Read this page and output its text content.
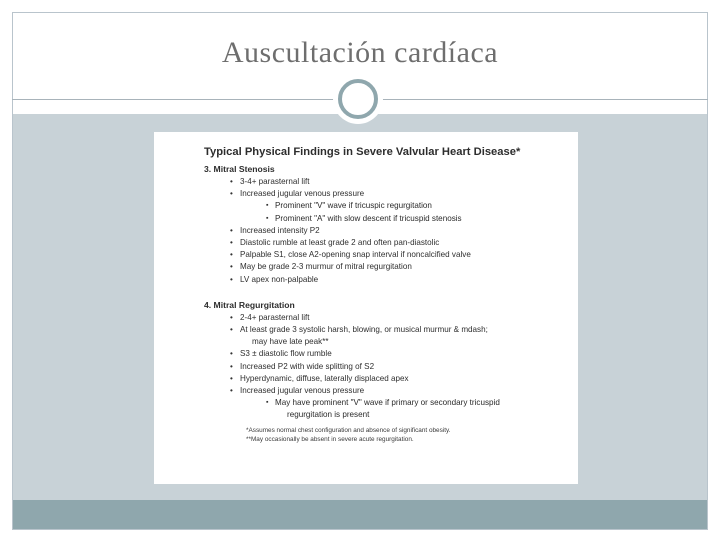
Auscultación cardíaca
Typical Physical Findings in Severe Valvular Heart Disease*
3. Mitral Stenosis
• 3-4+ parasternal lift
• Increased jugular venous pressure
▪ Prominent "V" wave if tricuspic regurgitation
▪ Prominent "A" with slow descent if tricuspid stenosis
• Increased intensity P2
• Diastolic rumble at least grade 2 and often pan-diastolic
• Palpable S1, close A2-opening snap interval if noncalcified valve
• May be grade 2-3 murmur of mitral regurgitation
• LV apex non-palpable
4. Mitral Regurgitation
• 2-4+ parasternal lift
• At least grade 3 systolic harsh, blowing, or musical murmur & mdash;
may have late peak**
• S3 ± diastolic flow rumble
• Increased P2 with wide splitting of S2
• Hyperdynamic, diffuse, laterally displaced apex
• Increased jugular venous pressure
▪ May have prominent "V" wave if primary or secondary tricuspid
regurgitation is present
*Assumes normal chest configuration and absence of significant obesity.
**May occasionally be absent in severe acute regurgitation.
